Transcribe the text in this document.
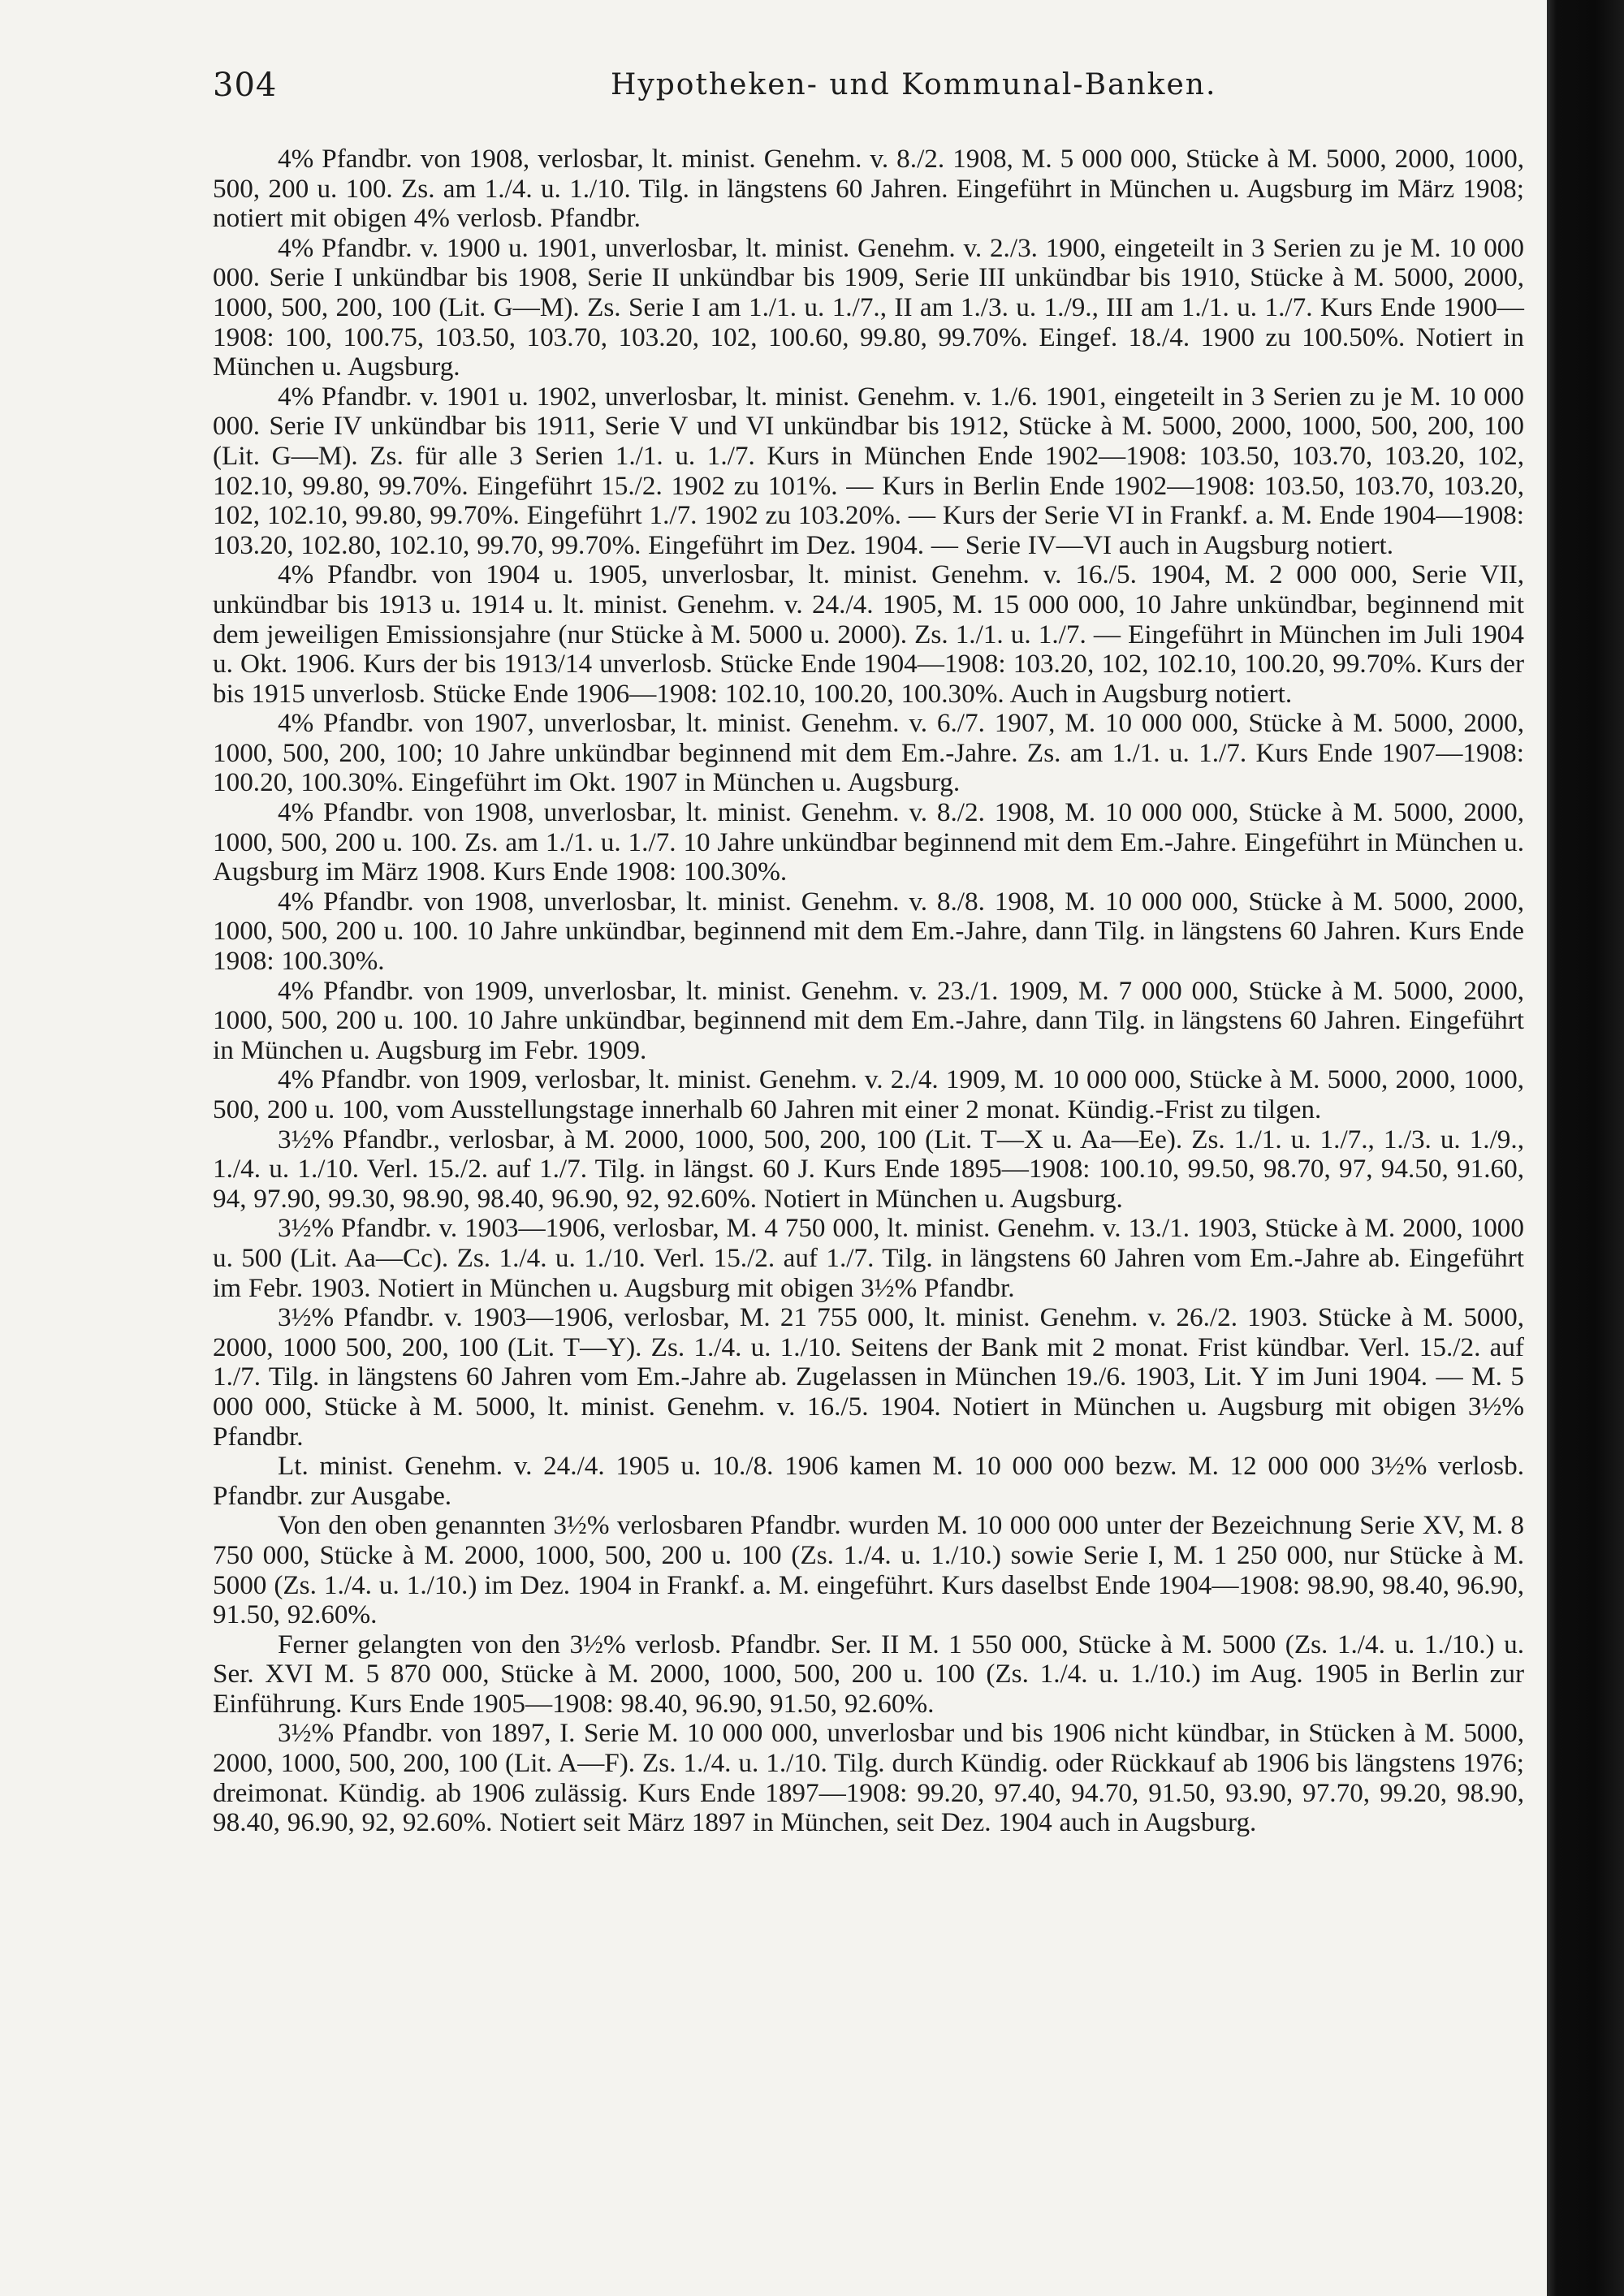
304	Hypotheken- und Kommunal-Banken.

4% Pfandbr. von 1908, verlosbar, lt. minist. Genehm. v. 8./2. 1908, M. 5 000 000, Stücke à M. 5000, 2000, 1000, 500, 200 u. 100. Zs. am 1./4. u. 1./10. Tilg. in längstens 60 Jahren. Eingeführt in München u. Augsburg im März 1908; notiert mit obigen 4% verlosb. Pfandbr.

4% Pfandbr. v. 1900 u. 1901, unverlosbar, lt. minist. Genehm. v. 2./3. 1900, eingeteilt in 3 Serien zu je M. 10 000 000. Serie I unkündbar bis 1908, Serie II unkündbar bis 1909, Serie III unkündbar bis 1910, Stücke à M. 5000, 2000, 1000, 500, 200, 100 (Lit. G—M). Zs. Serie I am 1./1. u. 1./7., II am 1./3. u. 1./9., III am 1./1. u. 1./7. Kurs Ende 1900—1908: 100, 100.75, 103.50, 103.70, 103.20, 102, 100.60, 99.80, 99.70%. Eingef. 18./4. 1900 zu 100.50%. Notiert in München u. Augsburg.

4% Pfandbr. v. 1901 u. 1902, unverlosbar, lt. minist. Genehm. v. 1./6. 1901, eingeteilt in 3 Serien zu je M. 10 000 000. Serie IV unkündbar bis 1911, Serie V und VI unkündbar bis 1912, Stücke à M. 5000, 2000, 1000, 500, 200, 100 (Lit. G—M). Zs. für alle 3 Serien 1./1. u. 1./7. Kurs in München Ende 1902—1908: 103.50, 103.70, 103.20, 102, 102.10, 99.80, 99.70%. Eingeführt 15./2. 1902 zu 101%. — Kurs in Berlin Ende 1902—1908: 103.50, 103.70, 103.20, 102, 102.10, 99.80, 99.70%. Eingeführt 1./7. 1902 zu 103.20%. — Kurs der Serie VI in Frankf. a. M. Ende 1904—1908: 103.20, 102.80, 102.10, 99.70, 99.70%. Eingeführt im Dez. 1904. — Serie IV—VI auch in Augsburg notiert.

4% Pfandbr. von 1904 u. 1905, unverlosbar, lt. minist. Genehm. v. 16./5. 1904, M. 2 000 000, Serie VII, unkündbar bis 1913 u. 1914 u. lt. minist. Genehm. v. 24./4. 1905, M. 15 000 000, 10 Jahre unkündbar, beginnend mit dem jeweiligen Emissionsjahre (nur Stücke à M. 5000 u. 2000). Zs. 1./1. u. 1./7. — Eingeführt in München im Juli 1904 u. Okt. 1906. Kurs der bis 1913/14 unverlosb. Stücke Ende 1904—1908: 103.20, 102, 102.10, 100.20, 99.70%. Kurs der bis 1915 unverlosb. Stücke Ende 1906—1908: 102.10, 100.20, 100.30%. Auch in Augsburg notiert.

4% Pfandbr. von 1907, unverlosbar, lt. minist. Genehm. v. 6./7. 1907, M. 10 000 000, Stücke à M. 5000, 2000, 1000, 500, 200, 100; 10 Jahre unkündbar beginnend mit dem Em.-Jahre. Zs. am 1./1. u. 1./7. Kurs Ende 1907—1908: 100.20, 100.30%. Eingeführt im Okt. 1907 in München u. Augsburg.

4% Pfandbr. von 1908, unverlosbar, lt. minist. Genehm. v. 8./2. 1908, M. 10 000 000, Stücke à M. 5000, 2000, 1000, 500, 200 u. 100. Zs. am 1./1. u. 1./7. 10 Jahre unkündbar beginnend mit dem Em.-Jahre. Eingeführt in München u. Augsburg im März 1908. Kurs Ende 1908: 100.30%.

4% Pfandbr. von 1908, unverlosbar, lt. minist. Genehm. v. 8./8. 1908, M. 10 000 000, Stücke à M. 5000, 2000, 1000, 500, 200 u. 100. 10 Jahre unkündbar, beginnend mit dem Em.-Jahre, dann Tilg. in längstens 60 Jahren. Kurs Ende 1908: 100.30%.

4% Pfandbr. von 1909, unverlosbar, lt. minist. Genehm. v. 23./1. 1909, M. 7 000 000, Stücke à M. 5000, 2000, 1000, 500, 200 u. 100. 10 Jahre unkündbar, beginnend mit dem Em.-Jahre, dann Tilg. in längstens 60 Jahren. Eingeführt in München u. Augsburg im Febr. 1909.

4% Pfandbr. von 1909, verlosbar, lt. minist. Genehm. v. 2./4. 1909, M. 10 000 000, Stücke à M. 5000, 2000, 1000, 500, 200 u. 100, vom Ausstellungstage innerhalb 60 Jahren mit einer 2 monat. Kündig.-Frist zu tilgen.

3½% Pfandbr., verlosbar, à M. 2000, 1000, 500, 200, 100 (Lit. T—X u. Aa—Ee). Zs. 1./1. u. 1./7., 1./3. u. 1./9., 1./4. u. 1./10. Verl. 15./2. auf 1./7. Tilg. in längst. 60 J. Kurs Ende 1895—1908: 100.10, 99.50, 98.70, 97, 94.50, 91.60, 94, 97.90, 99.30, 98.90, 98.40, 96.90, 92, 92.60%. Notiert in München u. Augsburg.

3½% Pfandbr. v. 1903—1906, verlosbar, M. 4 750 000, lt. minist. Genehm. v. 13./1. 1903, Stücke à M. 2000, 1000 u. 500 (Lit. Aa—Cc). Zs. 1./4. u. 1./10. Verl. 15./2. auf 1./7. Tilg. in längstens 60 Jahren vom Em.-Jahre ab. Eingeführt im Febr. 1903. Notiert in München u. Augsburg mit obigen 3½% Pfandbr.

3½% Pfandbr. v. 1903—1906, verlosbar, M. 21 755 000, lt. minist. Genehm. v. 26./2. 1903. Stücke à M. 5000, 2000, 1000 500, 200, 100 (Lit. T—Y). Zs. 1./4. u. 1./10. Seitens der Bank mit 2 monat. Frist kündbar. Verl. 15./2. auf 1./7. Tilg. in längstens 60 Jahren vom Em.-Jahre ab. Zugelassen in München 19./6. 1903, Lit. Y im Juni 1904. — M. 5 000 000, Stücke à M. 5000, lt. minist. Genehm. v. 16./5. 1904. Notiert in München u. Augsburg mit obigen 3½% Pfandbr.

Lt. minist. Genehm. v. 24./4. 1905 u. 10./8. 1906 kamen M. 10 000 000 bezw. M. 12 000 000 3½% verlosb. Pfandbr. zur Ausgabe.

Von den oben genannten 3½% verlosbaren Pfandbr. wurden M. 10 000 000 unter der Bezeichnung Serie XV, M. 8 750 000, Stücke à M. 2000, 1000, 500, 200 u. 100 (Zs. 1./4. u. 1./10.) sowie Serie I, M. 1 250 000, nur Stücke à M. 5000 (Zs. 1./4. u. 1./10.) im Dez. 1904 in Frankf. a. M. eingeführt. Kurs daselbst Ende 1904—1908: 98.90, 98.40, 96.90, 91.50, 92.60%.

Ferner gelangten von den 3½% verlosb. Pfandbr. Ser. II M. 1 550 000, Stücke à M. 5000 (Zs. 1./4. u. 1./10.) u. Ser. XVI M. 5 870 000, Stücke à M. 2000, 1000, 500, 200 u. 100 (Zs. 1./4. u. 1./10.) im Aug. 1905 in Berlin zur Einführung. Kurs Ende 1905—1908: 98.40, 96.90, 91.50, 92.60%.

3½% Pfandbr. von 1897, I. Serie M. 10 000 000, unverlosbar und bis 1906 nicht kündbar, in Stücken à M. 5000, 2000, 1000, 500, 200, 100 (Lit. A—F). Zs. 1./4. u. 1./10. Tilg. durch Kündig. oder Rückkauf ab 1906 bis längstens 1976; dreimonat. Kündig. ab 1906 zulässig. Kurs Ende 1897—1908: 99.20, 97.40, 94.70, 91.50, 93.90, 97.70, 99.20, 98.90, 98.40, 96.90, 92, 92.60%. Notiert seit März 1897 in München, seit Dez. 1904 auch in Augsburg.
